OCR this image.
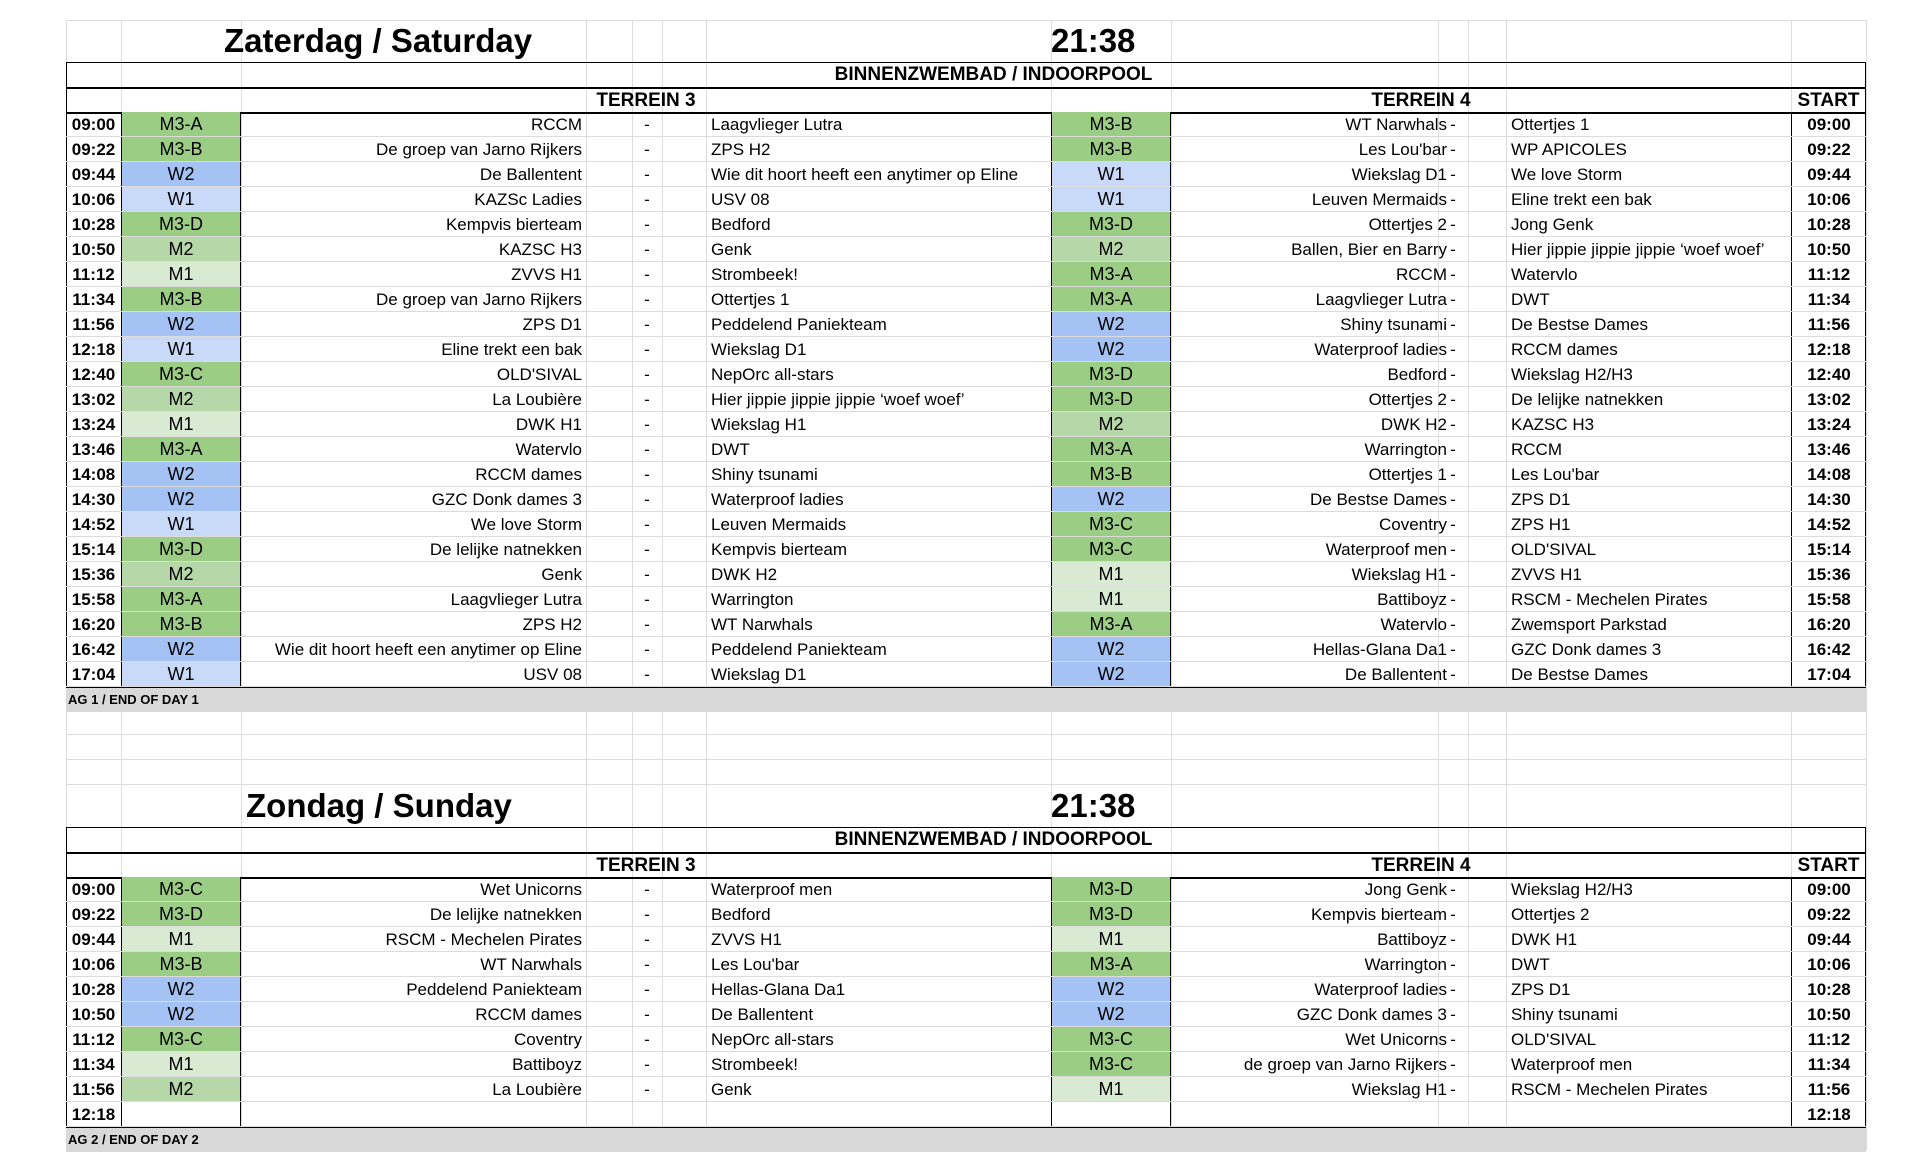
Zaterdag / Saturday	21:38
BINNENZWEMBAD / INDOORPOOL
TERREIN 3	TERREIN 4	START
09:00	M3-A	RCCM	-	Laagvlieger Lutra	M3-B	WT Narwhals -	Ottertjes 1	09:00
09:22	M3-B	De groep van Jarno Rijkers	-	ZPS H2	M3-B	Les Lou'bar -	WP APICOLES	09:22
09:44	W2	De Ballentent	-	Wie dit hoort heeft een anytimer op Eline	W1	Wiekslag D1 -	We love Storm	09:44
10:06	W1	KAZSc Ladies	-	USV 08	W1	Leuven Mermaids -	Eline trekt een bak	10:06
10:28	M3-D	Kempvis bierteam	-	Bedford	M3-D	Ottertjes 2 -	Jong Genk	10:28
10:50	M2	KAZSC H3	-	Genk	M2	Ballen, Bier en Barry -	Hier jippie jippie jippie ‘woef woef’	10:50
11:12	M1	ZVVS H1	-	Strombeek!	M3-A	RCCM -	Watervlo	11:12
11:34	M3-B	De groep van Jarno Rijkers	-	Ottertjes 1	M3-A	Laagvlieger Lutra -	DWT	11:34
11:56	W2	ZPS D1	-	Peddelend Paniekteam	W2	Shiny tsunami -	De Bestse Dames	11:56
12:18	W1	Eline trekt een bak	-	Wiekslag D1	W2	Waterproof ladies -	RCCM dames	12:18
12:40	M3-C	OLD'SIVAL	-	NepOrc all-stars	M3-D	Bedford -	Wiekslag H2/H3	12:40
13:02	M2	La Loubière	-	Hier jippie jippie jippie ‘woef woef’	M3-D	Ottertjes 2 -	De lelijke natnekken	13:02
13:24	M1	DWK H1	-	Wiekslag H1	M2	DWK H2 -	KAZSC H3	13:24
13:46	M3-A	Watervlo	-	DWT	M3-A	Warrington -	RCCM	13:46
14:08	W2	RCCM dames	-	Shiny tsunami	M3-B	Ottertjes 1 -	Les Lou'bar	14:08
14:30	W2	GZC Donk dames 3	-	Waterproof ladies	W2	De Bestse Dames -	ZPS D1	14:30
14:52	W1	We love Storm	-	Leuven Mermaids	M3-C	Coventry -	ZPS H1	14:52
15:14	M3-D	De lelijke natnekken	-	Kempvis bierteam	M3-C	Waterproof men -	OLD'SIVAL	15:14
15:36	M2	Genk	-	DWK H2	M1	Wiekslag H1 -	ZVVS H1	15:36
15:58	M3-A	Laagvlieger Lutra	-	Warrington	M1	Battiboyz -	RSCM - Mechelen Pirates	15:58
16:20	M3-B	ZPS H2	-	WT Narwhals	M3-A	Watervlo -	Zwemsport Parkstad	16:20
16:42	W2	Wie dit hoort heeft een anytimer op Eline	-	Peddelend Paniekteam	W2	Hellas-Glana Da1 -	GZC Donk dames 3	16:42
17:04	W1	USV 08	-	Wiekslag D1	W2	De Ballentent -	De Bestse Dames	17:04
AG 1 / END OF DAY 1
Zondag / Sunday	21:38
BINNENZWEMBAD / INDOORPOOL
TERREIN 3	TERREIN 4	START
09:00	M3-C	Wet Unicorns	-	Waterproof men	M3-D	Jong Genk -	Wiekslag H2/H3	09:00
09:22	M3-D	De lelijke natnekken	-	Bedford	M3-D	Kempvis bierteam -	Ottertjes 2	09:22
09:44	M1	RSCM - Mechelen Pirates	-	ZVVS H1	M1	Battiboyz -	DWK H1	09:44
10:06	M3-B	WT Narwhals	-	Les Lou'bar	M3-A	Warrington -	DWT	10:06
10:28	W2	Peddelend Paniekteam	-	Hellas-Glana Da1	W2	Waterproof ladies -	ZPS D1	10:28
10:50	W2	RCCM dames	-	De Ballentent	W2	GZC Donk dames 3 -	Shiny tsunami	10:50
11:12	M3-C	Coventry	-	NepOrc all-stars	M3-C	Wet Unicorns -	OLD'SIVAL	11:12
11:34	M1	Battiboyz	-	Strombeek!	M3-C	de groep van Jarno Rijkers -	Waterproof men	11:34
11:56	M2	La Loubière	-	Genk	M1	Wiekslag H1 -	RSCM - Mechelen Pirates	11:56
12:18	12:18
AG 2 / END OF DAY 2
